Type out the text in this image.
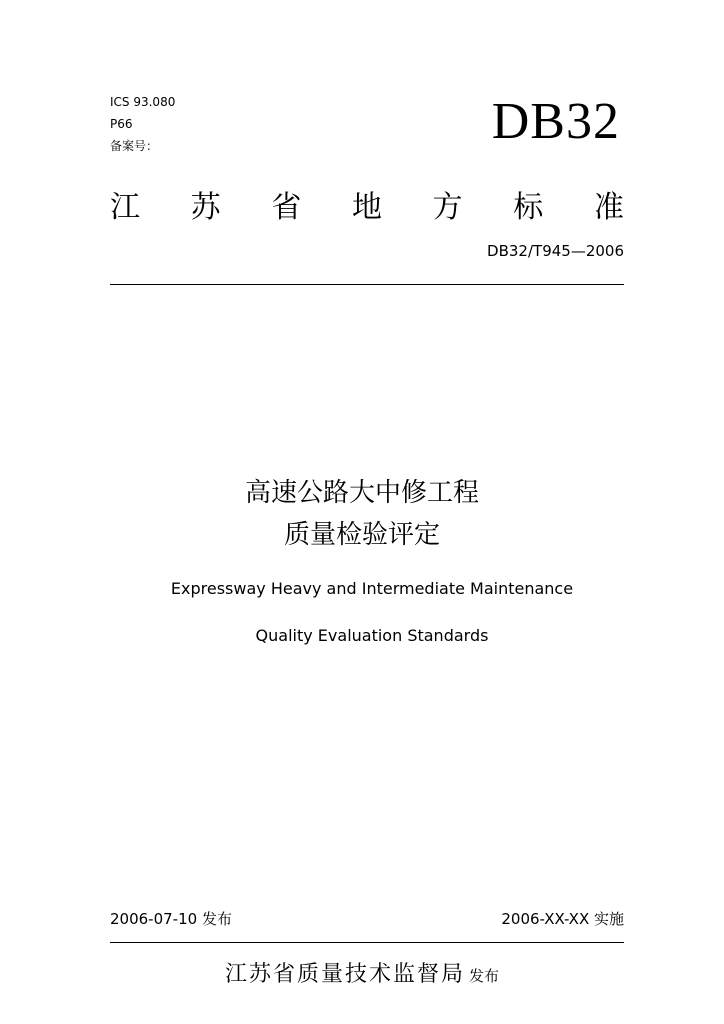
ICS 93.080
P66
备案号：	DB32
江 苏 省 地 方 标 准
DB32/T945—2006
高速公路大中修工程
质量检验评定
Expressway Heavy and Intermediate Maintenance
Quality Evaluation Standards
2006-07-10 发布	2006-XX-XX 实施
江苏省质量技术监督局 发布
